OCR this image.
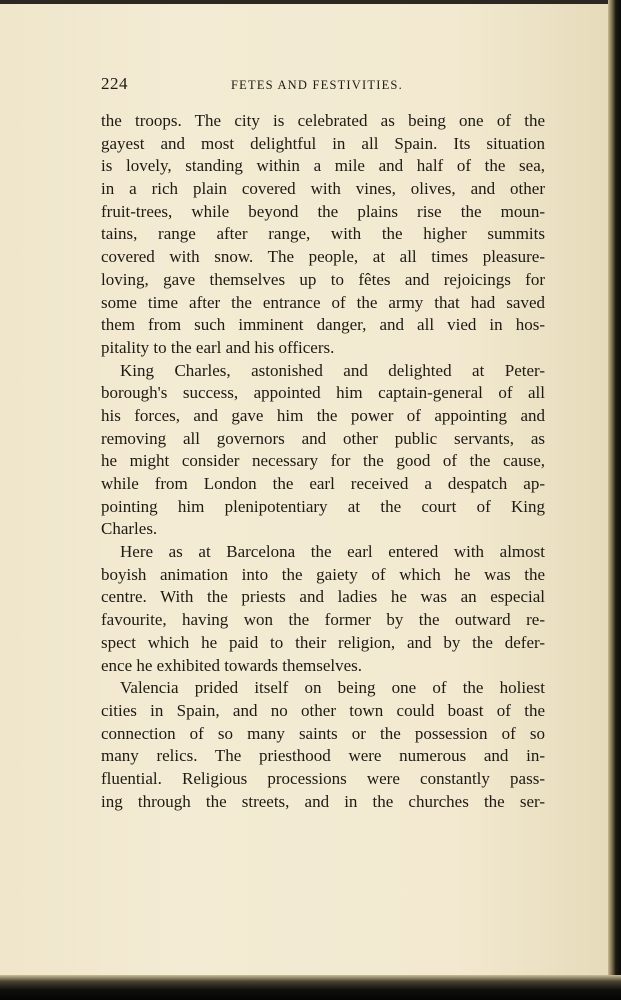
224	FETES AND FESTIVITIES.
the troops. The city is celebrated as being one of the
gayest and most delightful in all Spain. Its situation
is lovely, standing within a mile and half of the sea,
in a rich plain covered with vines, olives, and other
fruit-trees, while beyond the plains rise the moun-
tains, range after range, with the higher summits
covered with snow. The people, at all times pleasure-
loving, gave themselves up to fêtes and rejoicings for
some time after the entrance of the army that had saved
them from such imminent danger, and all vied in hos-
pitality to the earl and his officers.
King Charles, astonished and delighted at Peter-
borough's success, appointed him captain-general of all
his forces, and gave him the power of appointing and
removing all governors and other public servants, as
he might consider necessary for the good of the cause,
while from London the earl received a despatch ap-
pointing him plenipotentiary at the court of King
Charles.
Here as at Barcelona the earl entered with almost
boyish animation into the gaiety of which he was the
centre. With the priests and ladies he was an especial
favourite, having won the former by the outward re-
spect which he paid to their religion, and by the defer-
ence he exhibited towards themselves.
Valencia prided itself on being one of the holiest
cities in Spain, and no other town could boast of the
connection of so many saints or the possession of so
many relics. The priesthood were numerous and in-
fluential. Religious processions were constantly pass-
ing through the streets, and in the churches the ser-
